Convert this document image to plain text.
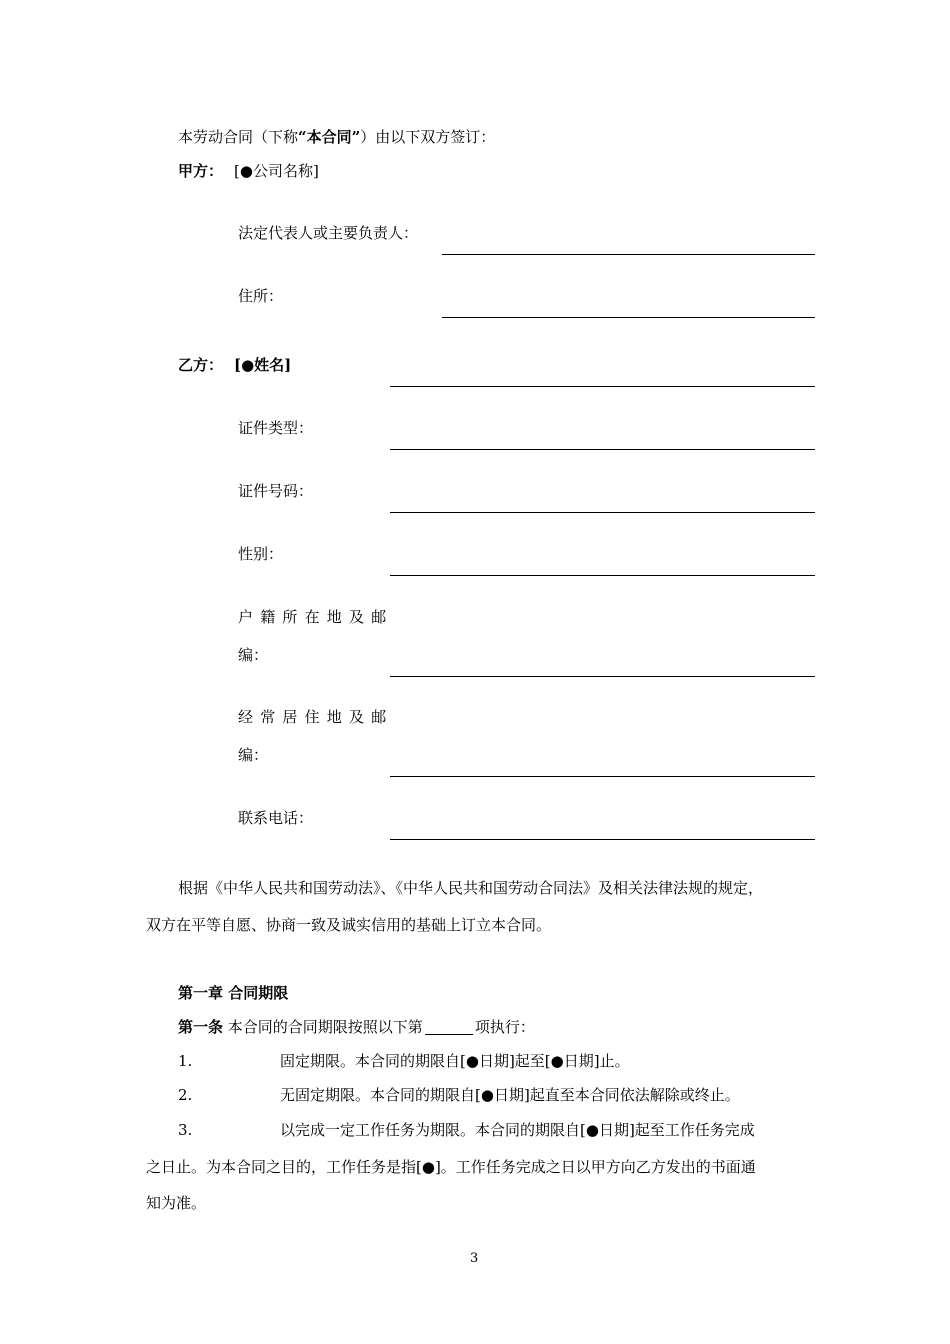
本劳动合同（下称“本合同”）由以下双方签订：
甲方： [●公司名称]
法定代表人或主要负责人：
住所：
乙方： [●姓名]
证件类型：
证件号码：
性别：
户籍所在地及邮
编：
经常居住地及邮
编：
联系电话：
根据《中华人民共和国劳动法》、《中华人民共和国劳动合同法》及相关法律法规的规定，
双方在平等自愿、协商一致及诚实信用的基础上订立本合同。
第一章 合同期限
第一条 本合同的合同期限按照以下第	项执行：
1.	固定期限。本合同的期限自[●日期]起至[●日期]止。
2.	无固定期限。本合同的期限自[●日期]起直至本合同依法解除或终止。
3.	以完成一定工作任务为期限。本合同的期限自[●日期]起至工作任务完成
之日止。为本合同之目的，工作任务是指[●]。工作任务完成之日以甲方向乙方发出的书面通
知为准。
3
